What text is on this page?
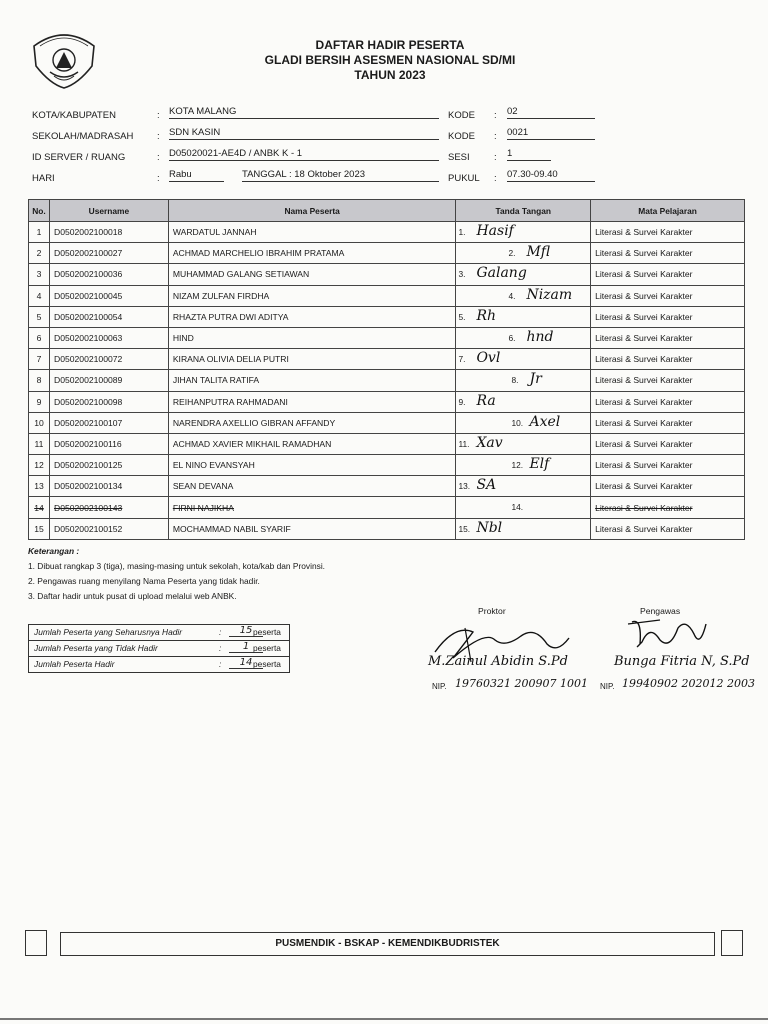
DAFTAR HADIR PESERTA
GLADI BERSIH ASESMEN NASIONAL SD/MI
TAHUN 2023
KOTA/KABUPATEN	: KOTA MALANG
SEKOLAH/MADRASAH : SDN KASIN
ID SERVER / RUANG	: D05020021-AE4D / ANBK K - 1
HARI	: Rabu	TANGGAL : 18 Oktober 2023
KODE : 02
KODE : 0021
SESI	: 1
PUKUL : 07.30-09.40
No.	Username	Nama Peserta	Tanda Tangan	Mata Pelajaran
1	D0502002100018	WARDATUL JANNAH	1. Hasif	Literasi & Survei Karakter
2	D0502002100027	ACHMAD MARCHELIO IBRAHIM PRATAMA	2. Mfl	Literasi & Survei Karakter
3	D0502002100036	MUHAMMAD GALANG SETIAWAN	3. Galang	Literasi & Survei Karakter
4	D0502002100045	NIZAM ZULFAN FIRDHA	4. Nizam	Literasi & Survei Karakter
5	D0502002100054	RHAZTA PUTRA DWI ADITYA	5. Rh	Literasi & Survei Karakter
6	D0502002100063	HIND	6. hnd	Literasi & Survei Karakter
7	D0502002100072	KIRANA OLIVIA DELIA PUTRI	7. Ovl	Literasi & Survei Karakter
8	D0502002100089	JIHAN TALITA RATIFA	8. Jr	Literasi & Survei Karakter
9	D0502002100098	REIHANPUTRA RAHMADANI	9. Ra	Literasi & Survei Karakter
10	D0502002100107	NARENDRA AXELLIO GIBRAN AFFANDY	10. Axel	Literasi & Survei Karakter
11	D0502002100116	ACHMAD XAVIER MIKHAIL RAMADHAN	11. Xav	Literasi & Survei Karakter
12	D0502002100125	EL NINO EVANSYAH	12. Elf	Literasi & Survei Karakter
13	D0502002100134	SEAN DEVANA	13. SA	Literasi & Survei Karakter
14	D0502002100143	FIRNI NAJIKHA	14.	Literasi & Survei Karakter
15	D0502002100152	MOCHAMMAD NABIL SYARIF	15. Nbl	Literasi & Survei Karakter
Keterangan :
1. Dibuat rangkap 3 (tiga), masing-masing untuk sekolah, kota/kab dan Provinsi.
2. Pengawas ruang menyilang Nama Peserta yang tidak hadir.
3. Daftar hadir untuk pusat di upload melalui web ANBK.
Jumlah Peserta yang Seharusnya Hadir	:	15 peserta
Jumlah Peserta yang Tidak Hadir	:	1 peserta
Jumlah Peserta Hadir	:	14 peserta
Proktor	Pengawas
M.Zainul Abidin S.Pd	Bunga Fitria N, S.Pd
NIP. 19760321 200907 1001 NIP. 19940902 202012 2003
PUSMENDIK - BSKAP - KEMENDIKBUDRISTEK
